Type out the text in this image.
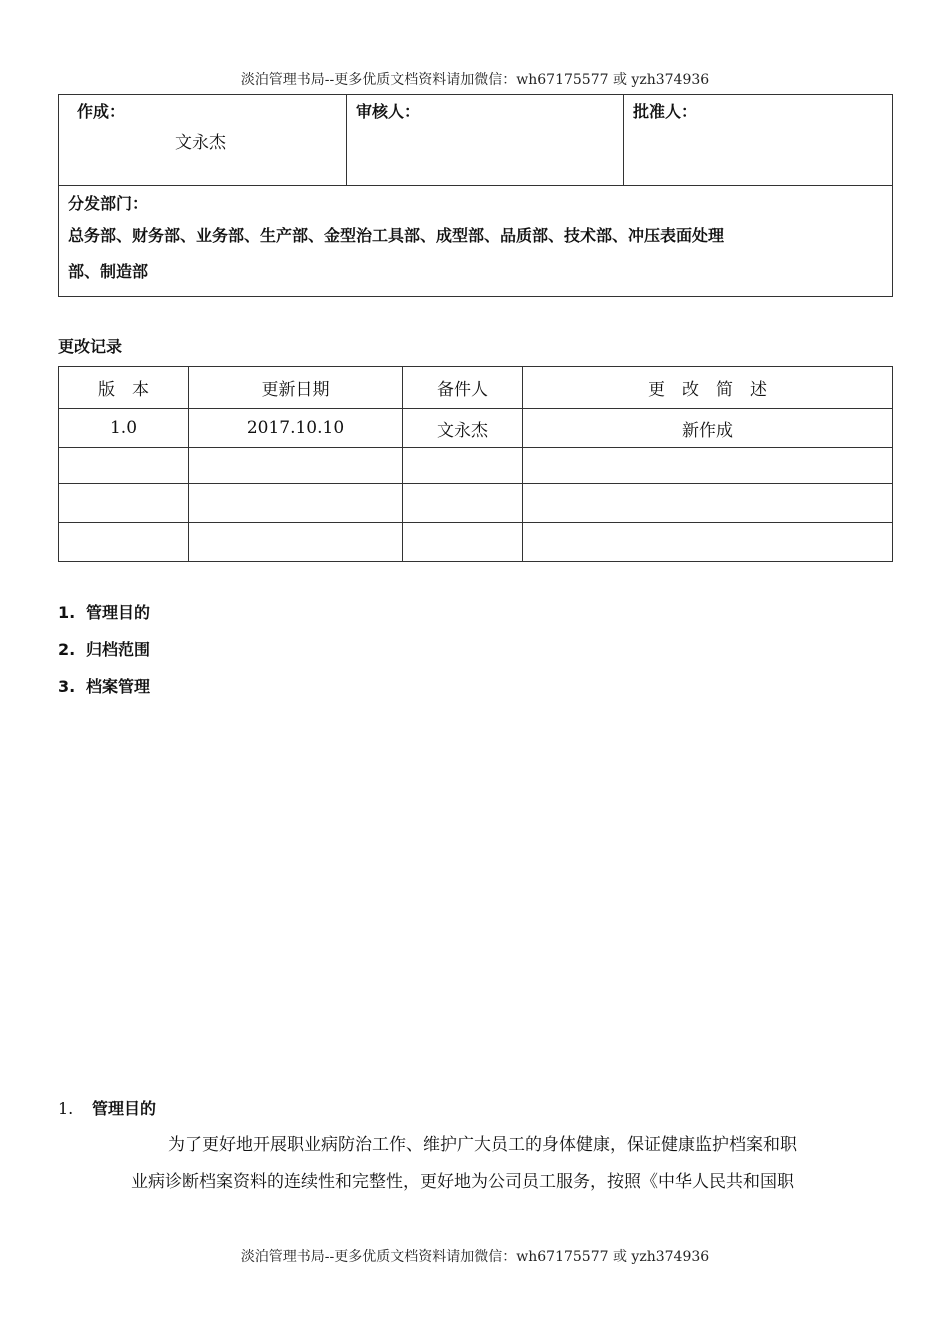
淡泊管理书局--更多优质文档资料请加微信：wh67175577 或 yzh374936
作成：
文永杰

审核人：	批准人：

分发部门：
总务部、财务部、业务部、生产部、金型治工具部、成型部、品质部、技术部、冲压表面处理
部、制造部
更改记录
版　本	更新日期	备件人	更　改　简　述
1.0	2017.10.10	文永杰	新作成

1. 管理目的
2. 归档范围
3. 档案管理
1. 管理目的
为了更好地开展职业病防治工作、维护广大员工的身体健康，保证健康监护档案和职
业病诊断档案资料的连续性和完整性，更好地为公司员工服务，按照《中华人民共和国职
淡泊管理书局--更多优质文档资料请加微信：wh67175577 或 yzh374936
